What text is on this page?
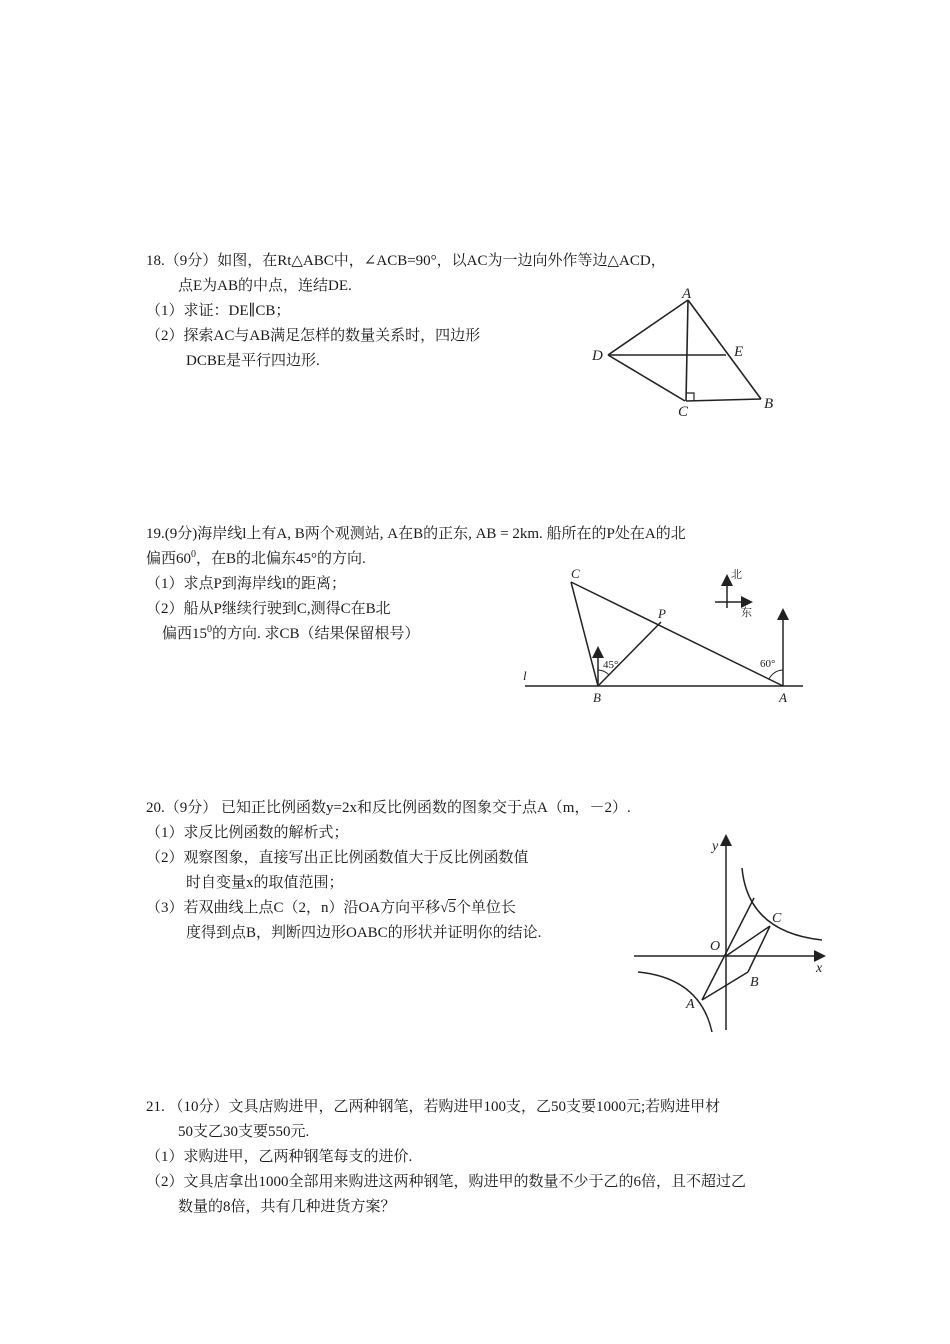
18.（9分）如图，在Rt△ABC中，∠ACB=90°，以AC为一边向外作等边△ACD，
点E为AB的中点，连结DE.
（1）求证：DE∥CB；
（2）探索AC与AB满足怎样的数量关系时，四边形
DCBE是平行四边形.
A
D	E
C	B
19.(9分)海岸线l上有A, B两个观测站, A在B的正东, AB = 2km. 船所在的P处在A的北
偏西$60^0$，在B的北偏东45°的方向.
（1）求点P到海岸线l的距离；
（2）船从P继续行驶到C,测得C在B北
偏西$15^0$的方向. 求CB（结果保留根号）
C
P
B	A
l
45°	60°
北
东
20.（9分） 已知正比例函数y=2x和反比例函数的图象交于点A（m，－2）.
（1）求反比例函数的解析式；
（2）观察图象，直接写出正比例函数值大于反比例函数值
时自变量x的取值范围；
（3）若双曲线上点C（2，n）沿OA方向平移√5个单位长
度得到点B，判断四边形OABC的形状并证明你的结论.
y
x
O
A
B
C
21. （10分）文具店购进甲，乙两种钢笔，若购进甲100支，乙50支要1000元;若购进甲材
50支乙30支要550元.
（1）求购进甲，乙两种钢笔每支的进价.
（2）文具店拿出1000全部用来购进这两种钢笔，购进甲的数量不少于乙的6倍，且不超过乙
数量的8倍，共有几种进货方案？
